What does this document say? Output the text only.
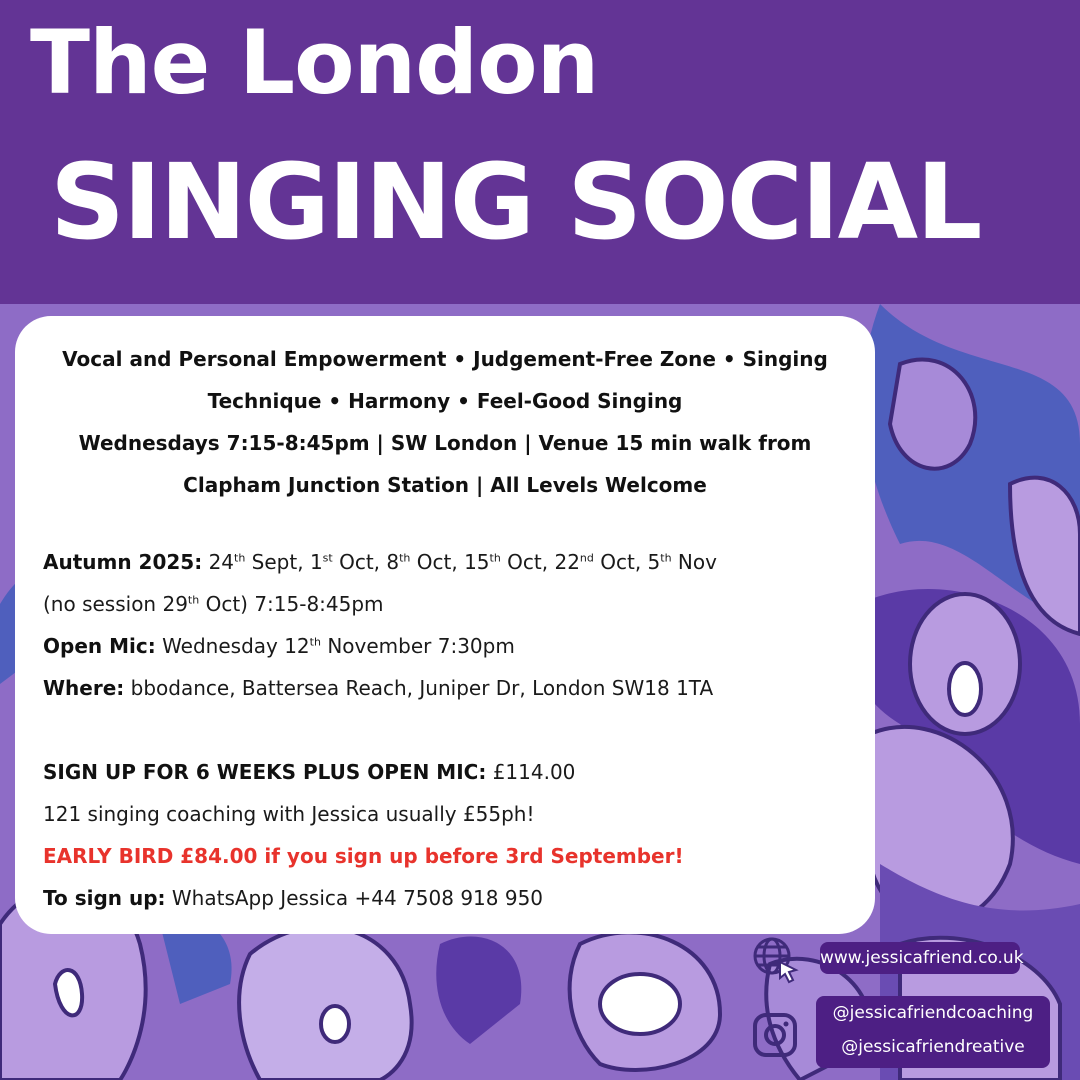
The London
SINGING SOCIAL
Vocal and Personal Empowerment • Judgement-Free Zone • Singing
Technique • Harmony • Feel-Good Singing
Wednesdays 7:15-8:45pm | SW London | Venue 15 min walk from
Clapham Junction Station | All Levels Welcome
Autumn 2025: 24th Sept, 1st Oct, 8th Oct, 15th Oct, 22nd Oct, 5th Nov
(no session 29th Oct) 7:15-8:45pm
Open Mic: Wednesday 12th November 7:30pm
Where: bbodance, Battersea Reach, Juniper Dr, London SW18 1TA
SIGN UP FOR 6 WEEKS PLUS OPEN MIC: £114.00
121 singing coaching with Jessica usually £55ph!
EARLY BIRD £84.00 if you sign up before 3rd September!
To sign up: WhatsApp Jessica +44 7508 918 950
www.jessicafriend.co.uk
@jessicafriendcoaching
@jessicafriendreative
